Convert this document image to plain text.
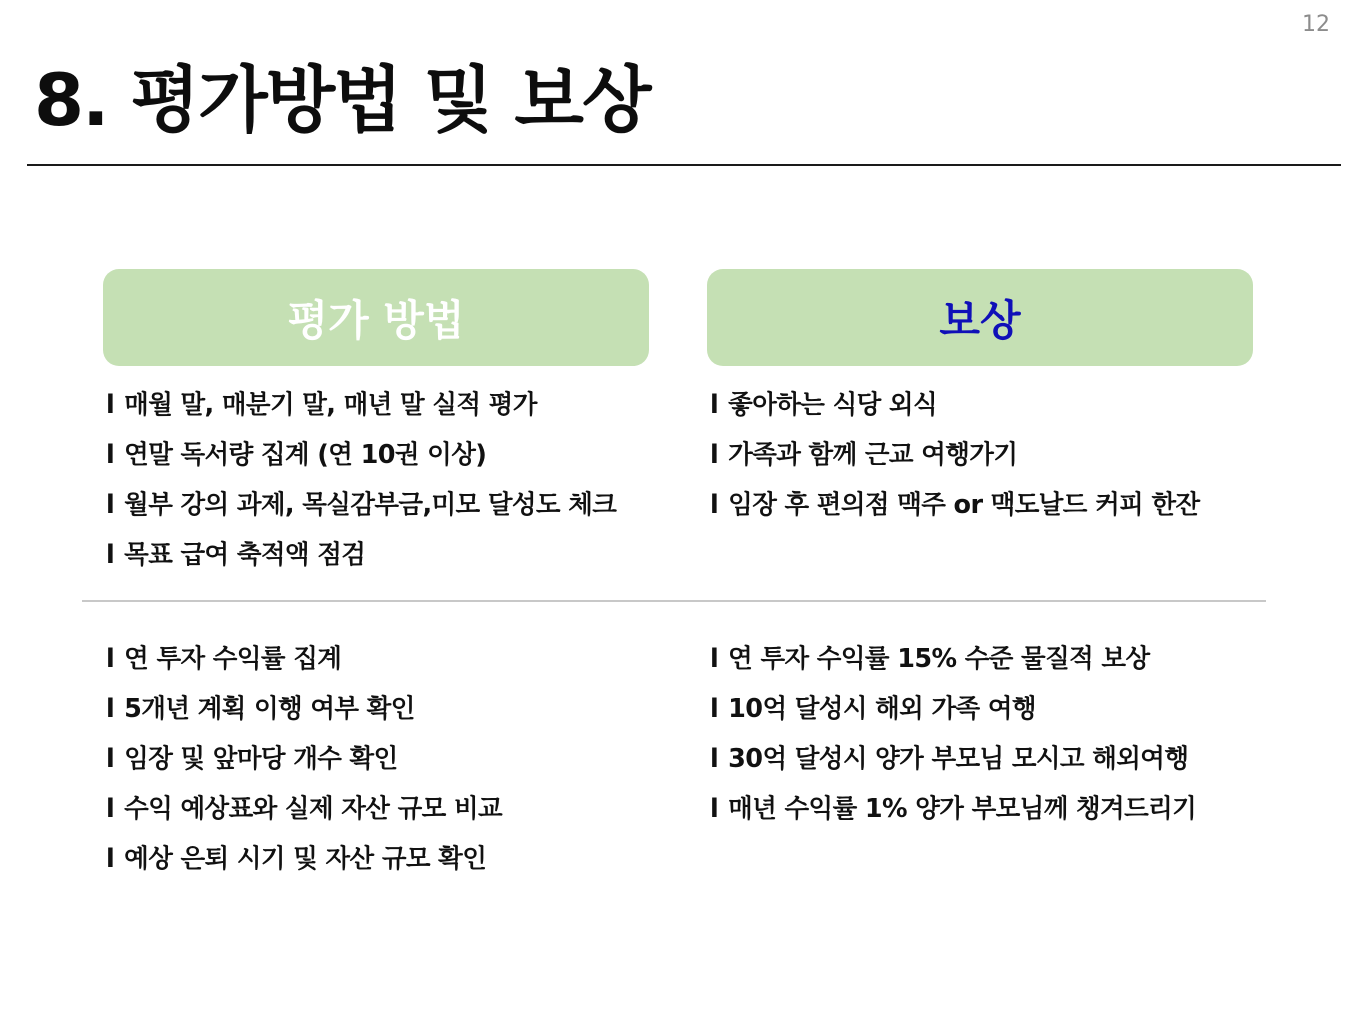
12
8. 평가방법 및 보상
평가 방법	보상
l 매월 말, 매분기 말, 매년 말 실적 평가
l 연말 독서량 집계 (연 10권 이상)
l 월부 강의 과제, 목실감부금,미모 달성도 체크
l 목표 급여 축적액 점검
l 좋아하는 식당 외식
l 가족과 함께 근교 여행가기
l 임장 후 편의점 맥주 or 맥도날드 커피 한잔
l 연 투자 수익률 집계
l 5개년 계획 이행 여부 확인
l 임장 및 앞마당 개수 확인
l 수익 예상표와 실제 자산 규모 비교
l 예상 은퇴 시기 및 자산 규모 확인
l 연 투자 수익률 15% 수준 물질적 보상
l 10억 달성시 해외 가족 여행
l 30억 달성시 양가 부모님 모시고 해외여행
l 매년 수익률 1% 양가 부모님께 챙겨드리기
